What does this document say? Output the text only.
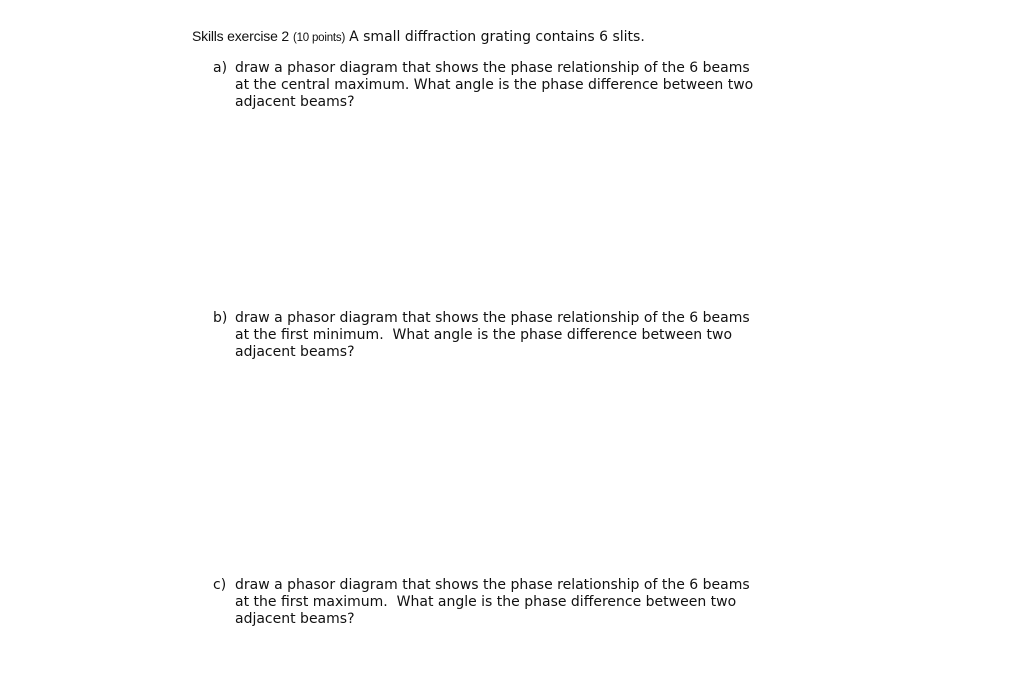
Skills exercise 2 (10 points) A small diffraction grating contains 6 slits.
a) draw a phasor diagram that shows the phase relationship of the 6 beams
at the central maximum. What angle is the phase difference between two
adjacent beams?
b) draw a phasor diagram that shows the phase relationship of the 6 beams
at the first minimum.  What angle is the phase difference between two
adjacent beams?
c) draw a phasor diagram that shows the phase relationship of the 6 beams
at the first maximum.  What angle is the phase difference between two
adjacent beams?
